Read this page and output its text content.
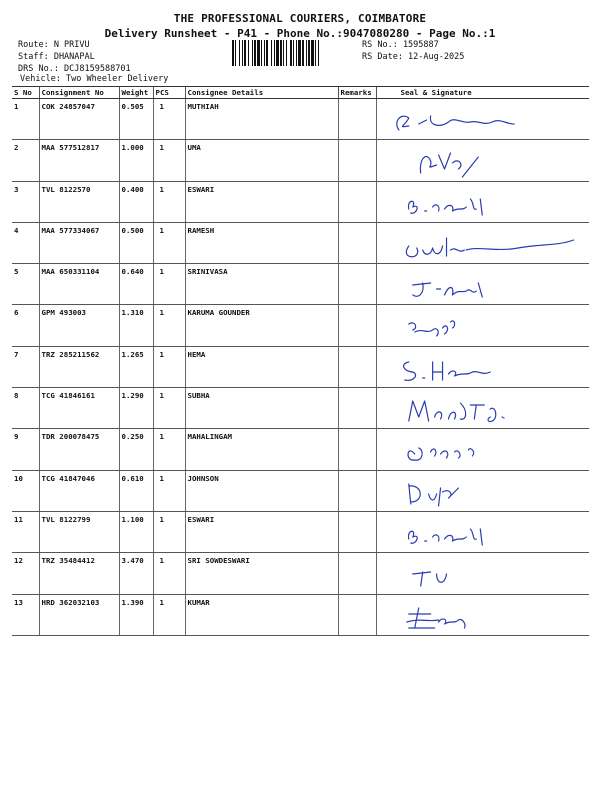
THE PROFESSIONAL COURIERS, COIMBATORE
Delivery Runsheet - P41 - Phone No.:9047080280 - Page No.:1
Route: N PRIVU
Staff: DHANAPAL
DRS No.: DCJ8159588701
Vehicle: Two Wheeler Delivery
RS No.: 1595887
RS Date: 12-Aug-2025
S No	Consignment No	Weight	PCS	Consignee Details	Remarks	Seal & Signature
1	COK 24857047	0.505	1	MUTHIAH		

2	MAA 577512817	1.000	1	UMA		

3	TVL 8122570	0.400	1	ESWARI		

4	MAA 577334067	0.500	1	RAMESH		

5	MAA 650331104	0.640	1	SRINIVASA		

6	GPM 493003	1.310	1	KARUMA GOUNDER		

7	TRZ 285211562	1.265	1	HEMA		

8	TCG 41846161	1.290	1	SUBHA		

9	TDR 200078475	0.250	1	MAHALINGAM		

10	TCG 41847046	0.610	1	JOHNSON		

11	TVL 8122799	1.100	1	ESWARI		

12	TRZ 35484412	3.470	1	SRI SOWDESWARI		

13	HRD 362032103	1.390	1	KUMAR		
